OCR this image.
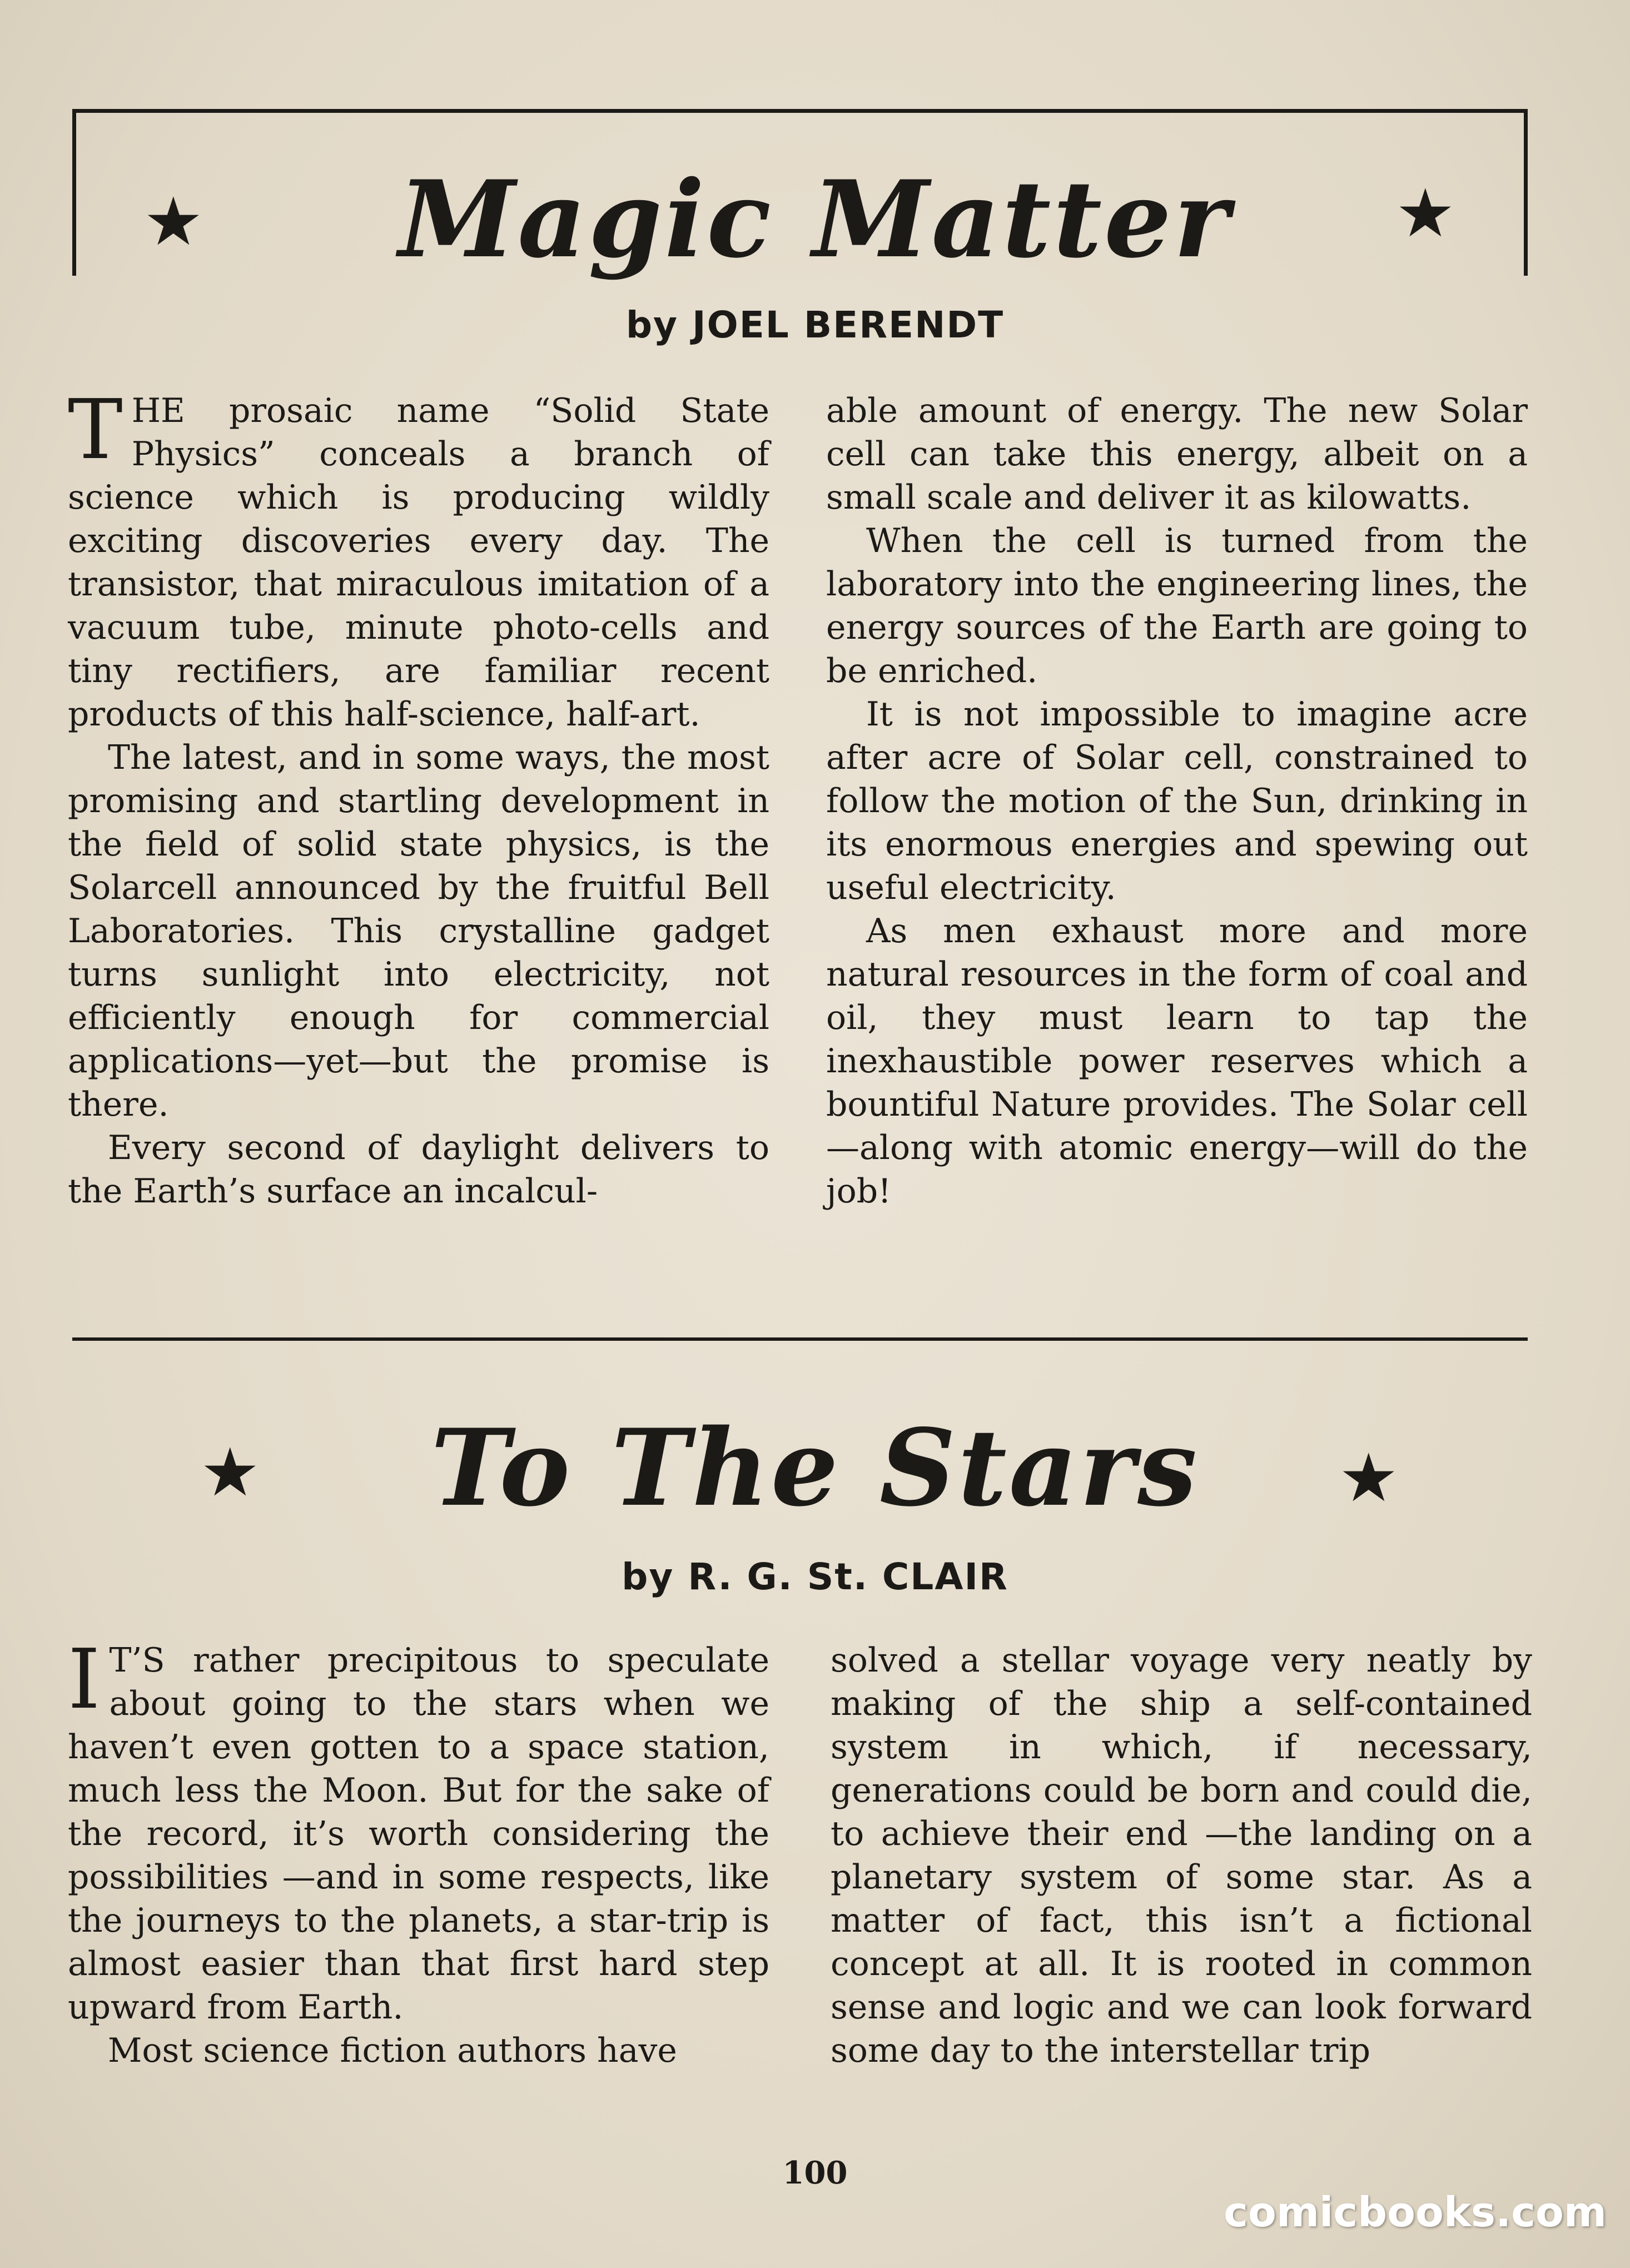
★	Magic Matter	★
by JOEL BERENDT

THE prosaic name “Solid State Physics” conceals a branch of science which is producing wildly exciting discoveries every day. The transistor, that miraculous imitation of a vacuum tube, minute photo-cells and tiny rectifiers, are familiar recent products of this half-science, half-art.

The latest, and in some ways, the most promising and startling development in the field of solid state physics, is the Solarcell announced by the fruitful Bell Laboratories. This crystalline gadget turns sunlight into electricity, not efficiently enough for commercial applications—yet—but the promise is there.

Every second of daylight delivers to the Earth’s surface an incalcul-

able amount of energy. The new Solar cell can take this energy, albeit on a small scale and deliver it as kilowatts.

When the cell is turned from the laboratory into the engineering lines, the energy sources of the Earth are going to be enriched.

It is not impossible to imagine acre after acre of Solar cell, constrained to follow the motion of the Sun, drinking in its enormous energies and spewing out useful electricity.

As men exhaust more and more natural resources in the form of coal and oil, they must learn to tap the inexhaustible power reserves which a bountiful Nature provides. The Solar cell—along with atomic energy—will do the job!

★	To The Stars	★
by R. G. St. CLAIR

I T’S rather precipitous to speculate about going to the stars when we haven’t even gotten to a space station, much less the Moon. But for the sake of the record, it’s worth considering the possibilities —and in some respects, like the journeys to the planets, a star-trip is almost easier than that first hard step upward from Earth.

Most science fiction authors have

solved a stellar voyage very neatly by making of the ship a self-contained system in which, if necessary, generations could be born and could die, to achieve their end —the landing on a planetary system of some star. As a matter of fact, this isn’t a fictional concept at all. It is rooted in common sense and logic and we can look forward some day to the interstellar trip

100
comicbooks.com
